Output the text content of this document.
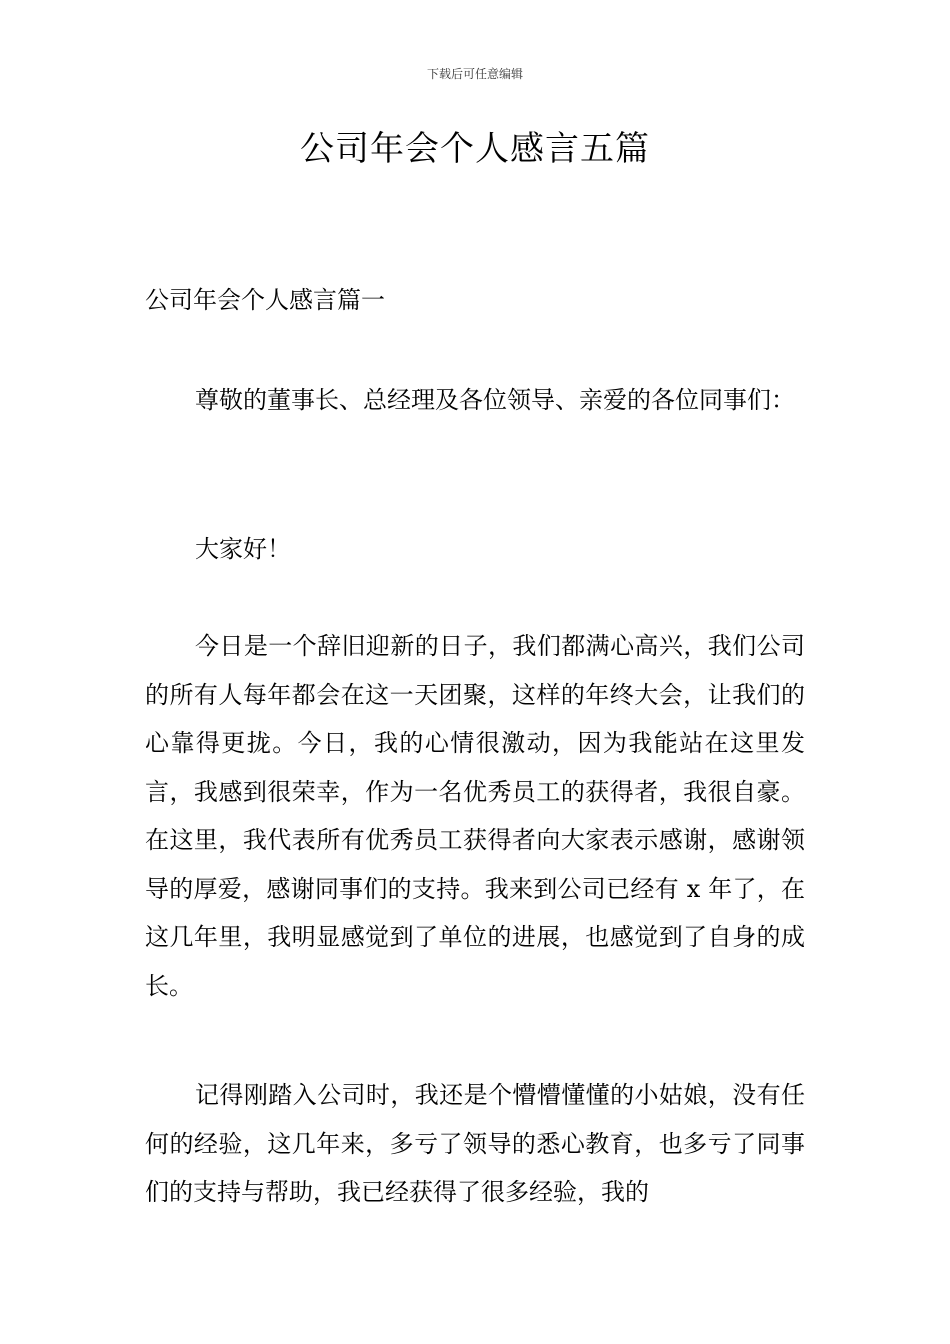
下载后可任意编辑
公司年会个人感言五篇
公司年会个人感言篇一

尊敬的董事长、总经理及各位领导、亲爱的各位同事们：

大家好！

今日是一个辞旧迎新的日子，我们都满心高兴，我们公司的所有人每年都会在这一天团聚，这样的年终大会，让我们的心靠得更拢。今日，我的心情很激动，因为我能站在这里发言，我感到很荣幸，作为一名优秀员工的获得者，我很自豪。在这里，我代表所有优秀员工获得者向大家表示感谢，感谢领导的厚爱，感谢同事们的支持。我来到公司已经有 x 年了，在这几年里，我明显感觉到了单位的进展，也感觉到了自身的成长。

记得刚踏入公司时，我还是个懵懵懂懂的小姑娘，没有任何的经验，这几年来，多亏了领导的悉心教育，也多亏了同事们的支持与帮助，我已经获得了很多经验，我的
